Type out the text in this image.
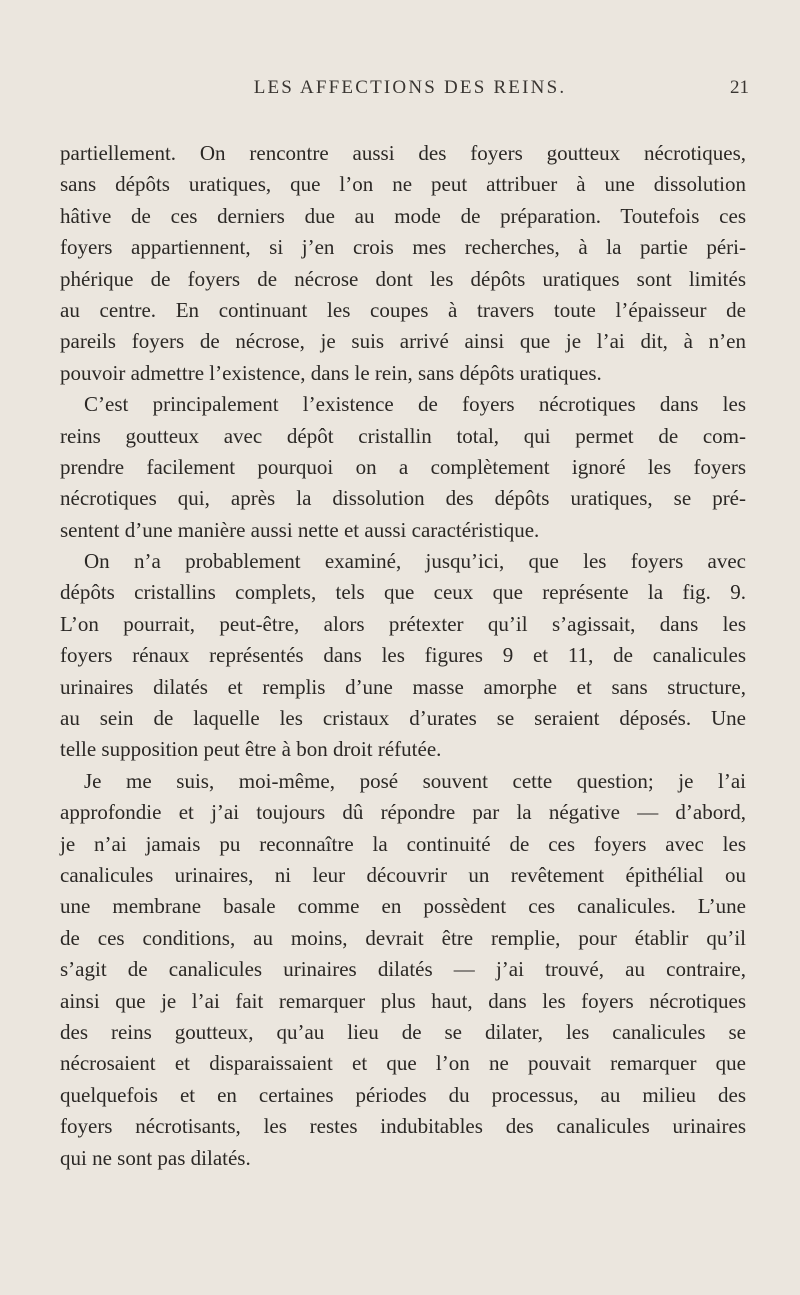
LES AFFECTIONS DES REINS.	21
partiellement. On rencontre aussi des foyers goutteux nécrotiques,
sans dépôts uratiques, que l’on ne peut attribuer à une dissolution
hâtive de ces derniers due au mode de préparation. Toutefois ces
foyers appartiennent, si j’en crois mes recherches, à la partie péri-
phérique de foyers de nécrose dont les dépôts uratiques sont limités
au centre. En continuant les coupes à travers toute l’épaisseur de
pareils foyers de nécrose, je suis arrivé ainsi que je l’ai dit, à n’en
pouvoir admettre l’existence, dans le rein, sans dépôts uratiques.
C’est principalement l’existence de foyers nécrotiques dans les
reins goutteux avec dépôt cristallin total, qui permet de com-
prendre facilement pourquoi on a complètement ignoré les foyers
nécrotiques qui, après la dissolution des dépôts uratiques, se pré-
sentent d’une manière aussi nette et aussi caractéristique.
On n’a probablement examiné, jusqu’ici, que les foyers avec
dépôts cristallins complets, tels que ceux que représente la fig. 9.
L’on pourrait, peut-être, alors prétexter qu’il s’agissait, dans les
foyers rénaux représentés dans les figures 9 et 11, de canalicules
urinaires dilatés et remplis d’une masse amorphe et sans structure,
au sein de laquelle les cristaux d’urates se seraient déposés. Une
telle supposition peut être à bon droit réfutée.
Je me suis, moi-même, posé souvent cette question; je l’ai
approfondie et j’ai toujours dû répondre par la négative — d’abord,
je n’ai jamais pu reconnaître la continuité de ces foyers avec les
canalicules urinaires, ni leur découvrir un revêtement épithélial ou
une membrane basale comme en possèdent ces canalicules. L’une
de ces conditions, au moins, devrait être remplie, pour établir qu’il
s’agit de canalicules urinaires dilatés — j’ai trouvé, au contraire,
ainsi que je l’ai fait remarquer plus haut, dans les foyers nécrotiques
des reins goutteux, qu’au lieu de se dilater, les canalicules se
nécrosaient et disparaissaient et que l’on ne pouvait remarquer que
quelquefois et en certaines périodes du processus, au milieu des
foyers nécrotisants, les restes indubitables des canalicules urinaires
qui ne sont pas dilatés.
